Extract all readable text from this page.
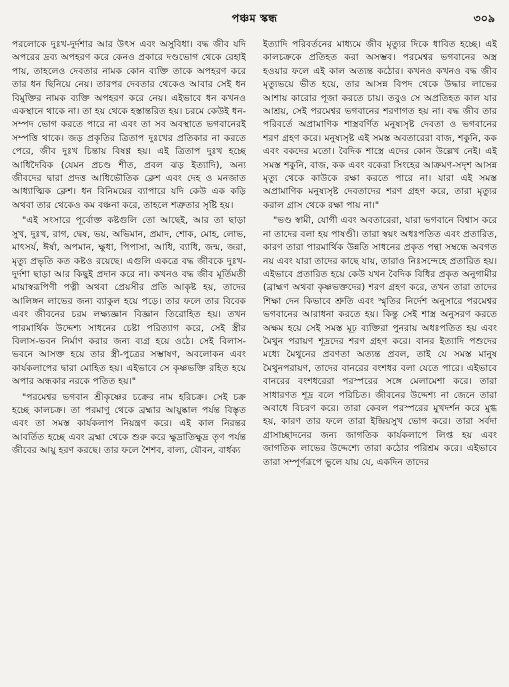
পঞ্চম স্কন্ধ	৩০৯

পরলোকে দুঃখ-দুর্দশার আর উৎস এবং অসুবিধা। বদ্ধ জীব যদি অপরের দ্রব্য অপহরণ করে কেনও প্রকারে দণ্ডভোগ থেকে রেহাই পায়, তাহলেও দেবতার নামক কোন ব্যক্তি তাকে অপহরণ করে তার ধন ছিনিয়ে নেয়। তারপর দেবতার থেকেও আবার সেই ধন বিমুক্তির নামক ব্যক্তি অপহরণ করে নেয়। এইভাবে ধন কখনও একস্থানে থাকে না। তা হয় থেকে হস্তান্তরিত হয়। চরমে কেউই ধন-সম্পদ ভোগ করতে পারে না এবং তা সব অবস্থাতে ভগবানেরই সম্পত্তি থাকে। জড় প্রকৃতির ত্রিতাপ দুঃখের প্রতিকার না করতে পেরে, জীব দুঃখ চিন্তায় বিষণ্ণ হয়। এই ত্রিতাপ দুঃখ হচ্ছে আধিদৈবিক (যেমন প্রচণ্ড শীত, প্রবল ঝড় ইত্যাদি), অন্য জীবদের দ্বারা প্রদত্ত আধিভৌতিক ক্লেশ এবং দেহ ও মনজাত আধ্যাত্মিক ক্লেশ। ধন বিনিময়ের ব্যাপারে যদি কেউ এক কড়ি অথবা তার থেকেও কম বঞ্চনা করে, তাহলে শত্রুতার সৃষ্টি হয়।

"এই সংসারে পূর্বোক্ত কষ্টগুলি তো আছেই, আর তা ছাড়া সুখ, দুঃখ, রাগ, দ্বেষ, ভয়, অভিমান, প্রমাদ, শোক, মোহ, লোভ, মাৎসর্য, ঈর্ষা, অপমান, ক্ষুধা, পিপাসা, আধি, ব্যাধি, জন্ম, জরা, মৃত্যু প্রভৃতি কত কষ্টও রয়েছে। এগুলি একত্রে বদ্ধ জীবকে দুঃখ-দুর্দশা ছাড়া আর কিছুই প্রদান করে না। কখনও বদ্ধ জীব মূর্তিমতী মায়াস্বরূপিণী পত্নী অথবা প্রেয়সীর প্রতি আকৃষ্ট হয়, তাদের আলিঙ্গন লাভের জন্য ব্যাকুল হয়ে পড়ে। তার ফলে তার বিবেক এবং জীবনের চরম লক্ষ্যজ্ঞান বিজ্ঞান তিরোহিত হয়। তখন পারমার্থিক উদ্দেশ্য সাধনের চেষ্টা পরিত্যাগ করে, সেই স্ত্রীর বিলাস-ভবন নির্মাণ করার জন্য ব্যগ্র হয়ে ওঠে। সেই বিলাস-ভবনে আসক্ত হয়ে তার স্ত্রী-পুত্রের সম্ভাষণ, অবলোকন এবং কার্যকলাপের দ্বারা মোহিত হয়। এইভাবে সে কৃষ্ণভক্তি রহিত হয়ে অপার অন্ধকার নরকে পতিত হয়।"

"পরমেশ্বর ভগবান শ্রীকৃষ্ণের চক্রের নাম হরিচক্র। সেই চক্র হচ্ছে কালচক্র। তা পরমাণু থেকে ব্রহ্মার আয়ুষ্কাল পর্যন্ত বিস্তৃত এবং তা সমস্ত কার্যকলাপ নিয়ন্ত্রণ করে। এই কাল নিরন্তর আবর্তিত হচ্ছে এবং ব্রহ্মা থেকে শুরু করে ক্ষুদ্রাতিক্ষুদ্র তৃণ পর্যন্ত জীবের আয়ু হরণ করছে। তার ফলে শৈশব, বাল্য, যৌবন, বার্ধক্য

ইত্যাদি পরিবর্তনের মাধ্যমে জীব মৃত্যুর দিকে ধাবিত হচ্ছে। এই কালচক্রকে প্রতিহত করা অসম্ভব। পরমেশ্বর ভগবানের অস্ত্র হওয়ার ফলে এই কাল অত্যন্ত কঠোর। কখনও কখনও বদ্ধ জীব মৃত্যুভয়ে ভীত হয়ে, তার আসন্ন বিপদ থেকে উদ্ধার লাভের আশায় কারোর পূজা করতে চায়। তবুও সে অপ্রতিহত কাল যার আশ্রয়, সেই পরমেশ্বর ভগবানের শরণাগত হয় না। বদ্ধ জীব তার পরিবর্তে অপ্রামাণিক শাস্ত্রবর্ণিত মনুষ্যসৃষ্ট দেবতা ও ভগবানের শরণ গ্রহণ করে। মনুষ্যসৃষ্ট এই সমস্ত অবতারেরা বাজ, শকুনি, কক এবং বকদের মতো। বৈদিক শাস্ত্রে এদের কোন উল্লেখ নেই। এই সমস্ত শকুনি, বাজ, কক এবং বকেরা সিংহের আক্রমণ-সদৃশ আসন্ন মৃত্যু থেকে কাউকে রক্ষা করতে পারে না। যারা এই সমস্ত অপ্রামাণিক মনুষ্যসৃষ্ট দেবতাদের শরণ গ্রহণ করে, তারা মৃত্যুর করাল গ্রাস থেকে রক্ষা পায় না।"

"ভণ্ড স্বামী, যোগী এবং অবতারেরা, যারা ভগবানে বিশ্বাস করে না তাদের বলা হয় পাষণ্ডী। তারা স্বয়ং অধঃপতিত এবং প্রতারিত, কারণ তারা পারমার্থিক উন্নতি সাধনের প্রকৃত পন্থা সম্বন্ধে অবগত নয় এবং যারা তাদের কাছে যায়, তারাও নিঃসন্দেহে প্রতারিত হয়। এইভাবে প্রতারিত হয়ে কেউ যখন বৈদিক বিধির প্রকৃত অনুগামীর (ব্রাহ্মণ অথবা কৃষ্ণভক্তদের) শরণ গ্রহণ করে, তখন তারা তাদের শিক্ষা দেন কিভাবে শ্রুতি এবং স্মৃতির নির্দেশ অনুসারে পরমেশ্বর ভগবানের আরাধনা করতে হয়। কিন্তু সেই শাস্ত্র অনুসরণ করতে অক্ষম হয়ে সেই সমস্ত মূঢ় ব্যক্তিরা পুনরায় অধঃপতিত হয় এবং মৈথুন পরায়ণ শূদ্রদের শরণ গ্রহণ করে। বানর ইত্যাদি পশুদের মধ্যে মৈথুনের প্রবণতা অত্যন্ত প্রবল, তাই যে সমস্ত মানুষ মৈথুনপরায়ণ, তাদের বানরের বংশধর বলা যেতে পারে। এইভাবে বানরের বংশধরেরা পরস্পরের সঙ্গে মেলামেশা করে। তারা সাধারণত শূদ্র বলে পরিচিত। জীবনের উদ্দেশ্য না জেনে তারা অবাধে বিচরণ করে। তারা কেবল পরস্পরের মুখদর্শন করে মুগ্ধ হয়, কারণ তার ফলে তারা ইন্দ্রিয়সুখ ভোগ করে। তারা সর্বদা গ্রাসাচ্ছাদনের জন্য জাগতিক কার্যকলাপে লিপ্ত হয় এবং জাগতিক লাভের উদ্দেশ্যে তারা কঠোর পরিশ্রম করে। এইভাবে তারা সম্পূর্ণরূপে ভুলে যায় যে, একদিন তাদের
